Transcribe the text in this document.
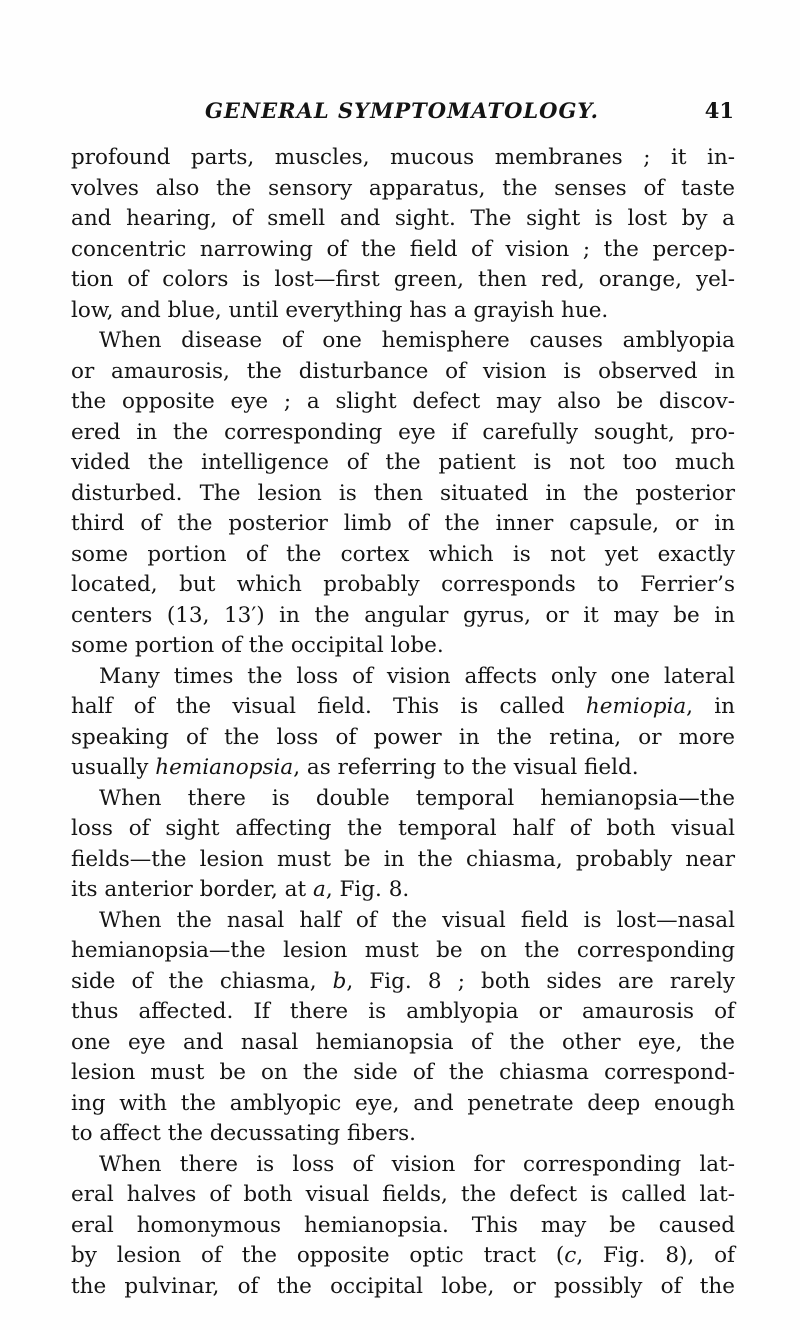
GENERAL SYMPTOMATOLOGY.	41
profound parts, muscles, mucous membranes ; it in-
volves also the sensory apparatus, the senses of taste
and hearing, of smell and sight. The sight is lost by a
concentric narrowing of the field of vision ; the percep-
tion of colors is lost—first green, then red, orange, yel-
low, and blue, until everything has a grayish hue.
When disease of one hemisphere causes amblyopia
or amaurosis, the disturbance of vision is observed in
the opposite eye ; a slight defect may also be discov-
ered in the corresponding eye if carefully sought, pro-
vided the intelligence of the patient is not too much
disturbed. The lesion is then situated in the posterior
third of the posterior limb of the inner capsule, or in
some portion of the cortex which is not yet exactly
located, but which probably corresponds to Ferrier’s
centers (13, 13′) in the angular gyrus, or it may be in
some portion of the occipital lobe.
Many times the loss of vision affects only one lateral
half of the visual field. This is called hemiopia, in
speaking of the loss of power in the retina, or more
usually hemianopsia, as referring to the visual field.
When there is double temporal hemianopsia—the
loss of sight affecting the temporal half of both visual
fields—the lesion must be in the chiasma, probably near
its anterior border, at a, Fig. 8.
When the nasal half of the visual field is lost—nasal
hemianopsia—the lesion must be on the corresponding
side of the chiasma, b, Fig. 8 ; both sides are rarely
thus affected. If there is amblyopia or amaurosis of
one eye and nasal hemianopsia of the other eye, the
lesion must be on the side of the chiasma correspond-
ing with the amblyopic eye, and penetrate deep enough
to affect the decussating fibers.
When there is loss of vision for corresponding lat-
eral halves of both visual fields, the defect is called lat-
eral homonymous hemianopsia. This may be caused
by lesion of the opposite optic tract (c, Fig. 8), of
the pulvinar, of the occipital lobe, or possibly of the
